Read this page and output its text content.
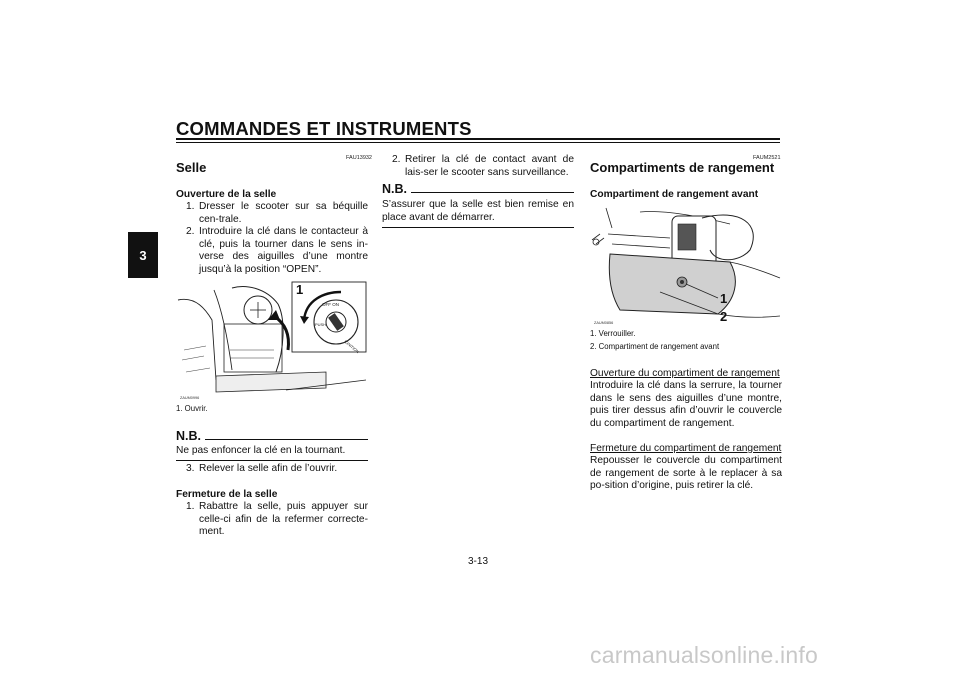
COMMANDES ET INSTRUMENTS
3
FAU13932
Selle
Ouverture de la selle
1. Dresser le scooter sur sa béquille cen-trale.
2. Introduire la clé dans le contacteur à clé, puis la tourner dans le sens in-verse des aiguilles d’une montre jusqu’à la position “OPEN”.
OFF ON
PUSH
IGNITION
1
ZAUM0996
1. Ouvrir.
N.B.
Ne pas enfoncer la clé en la tournant.
3. Relever la selle afin de l’ouvrir.
Fermeture de la selle
1. Rabattre la selle, puis appuyer sur celle-ci afin de la refermer correcte-ment.
2. Retirer la clé de contact avant de lais-ser le scooter sans surveillance.
N.B.
S’assurer que la selle est bien remise en place avant de démarrer.
FAUM2521
Compartiments de rangement
Compartiment de rangement avant
1
2
ZAUM0856
1. Verrouiller.
2. Compartiment de rangement avant
Ouverture du compartiment de rangement
Introduire la clé dans la serrure, la tourner dans le sens des aiguilles d’une montre, puis tirer dessus afin d’ouvrir le couvercle du compartiment de rangement.
Fermeture du compartiment de rangement
Repousser le couvercle du compartiment de rangement de sorte à le replacer à sa po-sition d’origine, puis retirer la clé.
3-13
carmanualsonline.info
